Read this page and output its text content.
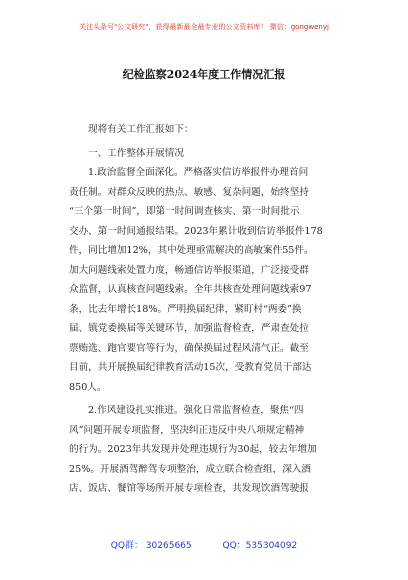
关注头条号"公文研究"，获得最新最全最专业的公文资料库！ 微信：gongwenyj
纪检监察2024年度工作情况汇报
现将有关工作汇报如下：
一、工作整体开展情况
1.政治监督全面深化。严格落实信访举报件办理首问
责任制。对群众反映的热点、敏感、复杂问题，始终坚持
“三个第一时间”，即第一时间调查核实、第一时间批示
交办、第一时间通报结果。2023年累计收到信访举报件178
件，同比增加12%，其中处理亟需解决的高敏案件55件。
加大问题线索处置力度，畅通信访举报渠道，广泛接受群
众监督，认真核查问题线索。全年共核查处理问题线索97
条，比去年增长18%。严明换届纪律，紧盯村“两委”换
届、镇党委换届等关键环节，加强监督检查，严肃查处拉
票贿选、跑官要官等行为，确保换届过程风清气正。截至
目前，共开展换届纪律教育活动15次，受教育党员干部达
850人。
2.作风建设扎实推进。强化日常监督检查，聚焦“四
风”问题开展专项监督，坚决纠正违反中央八项规定精神
的行为。2023年共发现并处理违规行为30起，较去年增加
25%。开展酒驾醉驾专项整治，成立联合检查组，深入酒
店、饭店、餐馆等场所开展专项检查，共发现饮酒驾驶报
QQ群： 30265665	QQ：535304092
